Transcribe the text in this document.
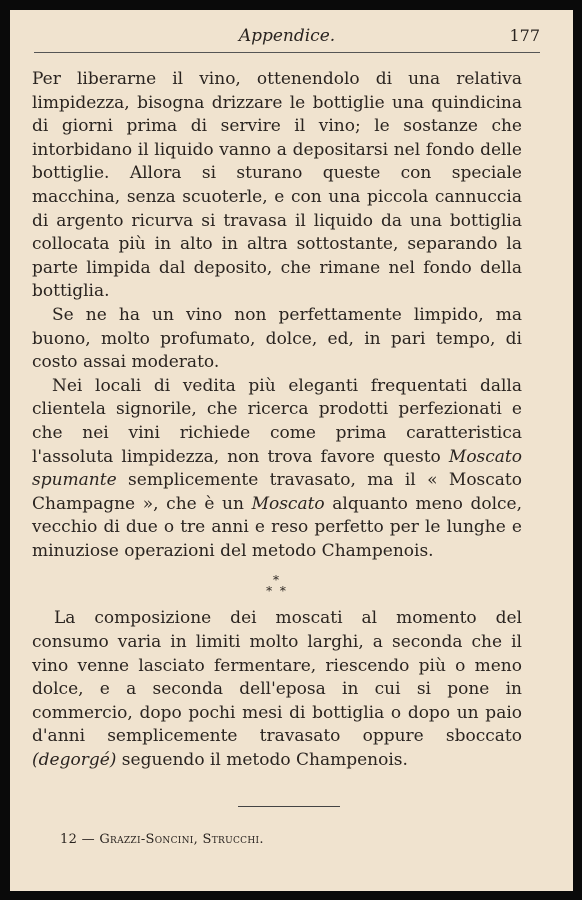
Appendice.	177

Per liberarne il vino, ottenendolo di una relativa limpidezza, bisogna drizzare le bottiglie una quindicina di giorni prima di servire il vino; le sostanze che intorbidano il liquido vanno a depositarsi nel fondo delle bottiglie. Allora si sturano queste con speciale macchina, senza scuoterle, e con una piccola cannuccia di argento ricurva si travasa il liquido da una bottiglia collocata più in alto in altra sottostante, separando la parte limpida dal deposito, che rimane nel fondo della bottiglia.

Se ne ha un vino non perfettamente limpido, ma buono, molto profumato, dolce, ed, in pari tempo, di costo assai moderato.

Nei locali di vedita più eleganti frequentati dalla clientela signorile, che ricerca prodotti perfezionati e che nei vini richiede come prima caratteristica l'assoluta limpidezza, non trova favore questo Moscato spumante semplicemente travasato, ma il « Moscato Champagne », che è un Moscato alquanto meno dolce, vecchio di due o tre anni e reso perfetto per le lunghe e minuziose operazioni del metodo Champenois.

*
* *

La composizione dei moscati al momento del consumo varia in limiti molto larghi, a seconda che il vino venne lasciato fermentare, riescendo più o meno dolce, e a seconda dell'eposa in cui si pone in commercio, dopo pochi mesi di bottiglia o dopo un paio d'anni semplicemente travasato oppure sboccato (degorgé) seguendo il metodo Champenois.

12 — Grazzi-Soncini, Strucchi.
